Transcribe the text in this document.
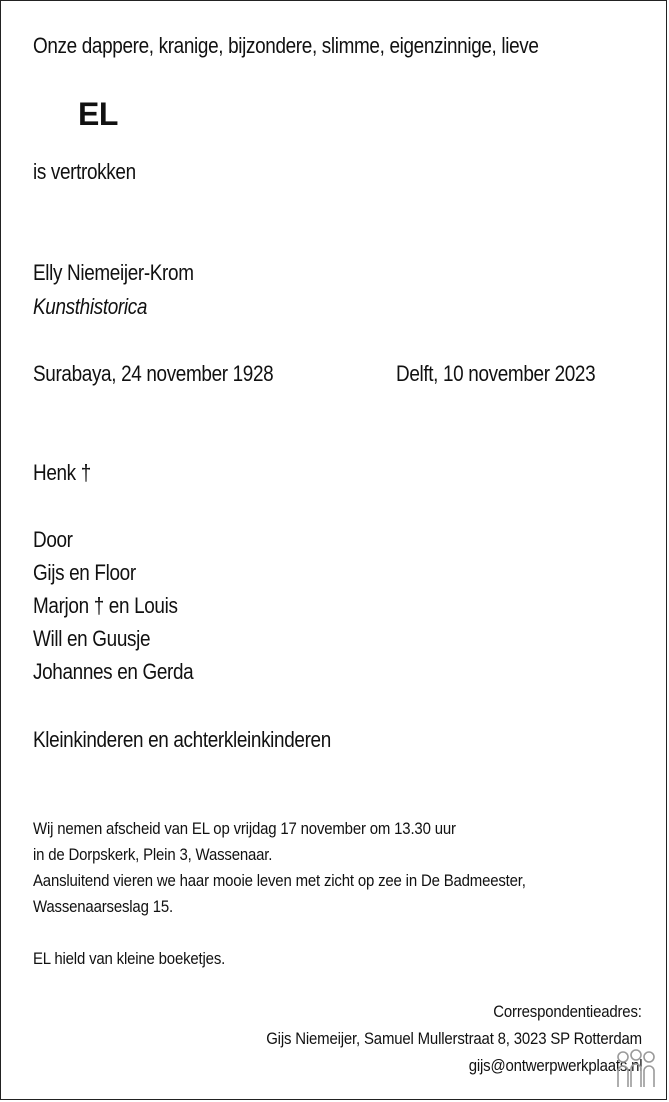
Onze dappere, kranige, bijzondere, slimme, eigenzinnige, lieve
EL
is vertrokken
Elly Niemeijer-Krom
Kunsthistorica
Surabaya, 24 november 1928	Delft, 10 november 2023
Henk †
Door
Gijs en Floor
Marjon † en Louis
Will en Guusje
Johannes en Gerda
Kleinkinderen en achterkleinkinderen
Wij nemen afscheid van EL op vrijdag 17 november om 13.30 uur
in de Dorpskerk, Plein 3, Wassenaar.
Aansluitend vieren we haar mooie leven met zicht op zee in De Badmeester,
Wassenaarseslag 15.
EL hield van kleine boeketjes.
Correspondentieadres:
Gijs Niemeijer, Samuel Mullerstraat 8, 3023 SP Rotterdam
gijs@ontwerpwerkplaats.nl
